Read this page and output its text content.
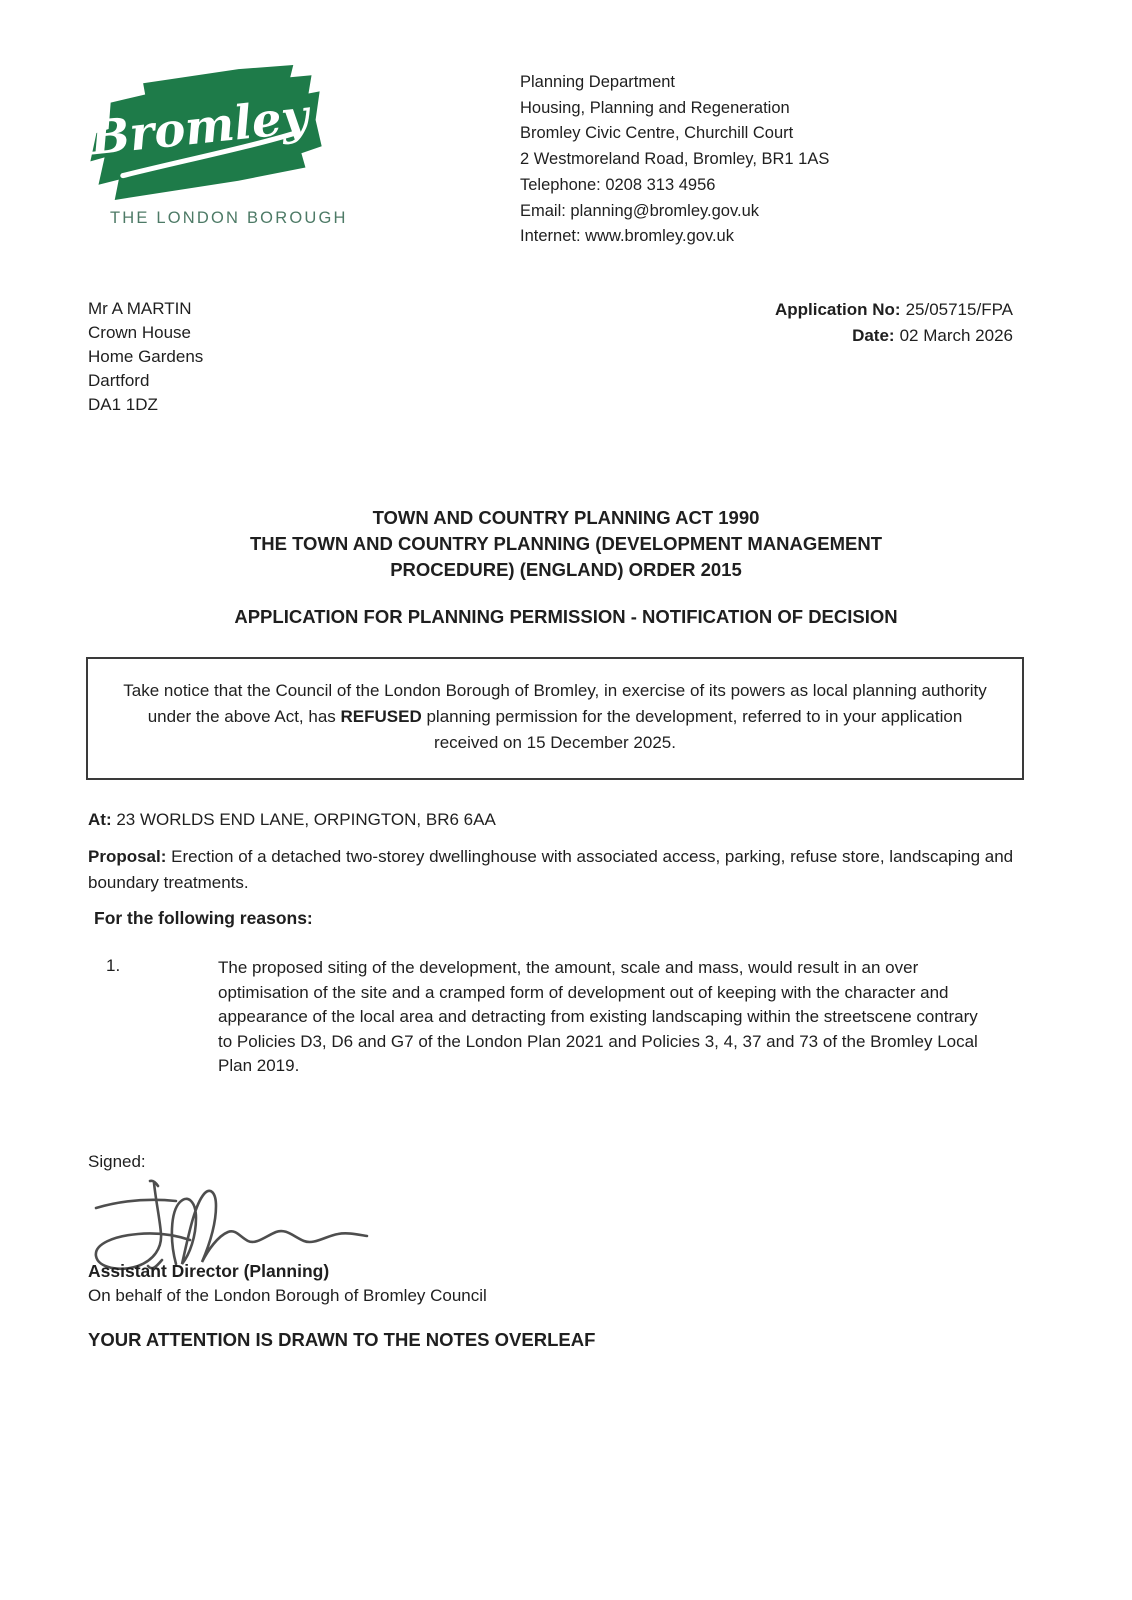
Bromley
THE LONDON BOROUGH
Planning Department
Housing, Planning and Regeneration
Bromley Civic Centre, Churchill Court
2 Westmoreland Road, Bromley, BR1 1AS
Telephone: 0208 313 4956
Email: planning@bromley.gov.uk
Internet: www.bromley.gov.uk
Mr A MARTIN
Crown House
Home Gardens
Dartford
DA1 1DZ
Application No: 25/05715/FPA
Date: 02 March 2026
TOWN AND COUNTRY PLANNING ACT 1990
THE TOWN AND COUNTRY PLANNING (DEVELOPMENT MANAGEMENT
PROCEDURE) (ENGLAND) ORDER 2015
APPLICATION FOR PLANNING PERMISSION - NOTIFICATION OF DECISION
Take notice that the Council of the London Borough of Bromley, in exercise of its powers as local planning authority under the above Act, has REFUSED planning permission for the development, referred to in your application received on 15 December 2025.
At: 23 WORLDS END LANE, ORPINGTON, BR6 6AA
Proposal: Erection of a detached two-storey dwellinghouse with associated access, parking, refuse store, landscaping and boundary treatments.
For the following reasons:
1.	The proposed siting of the development, the amount, scale and mass, would result in an over optimisation of the site and a cramped form of development out of keeping with the character and appearance of the local area and detracting from existing landscaping within the streetscene contrary to Policies D3, D6 and G7 of the London Plan 2021 and Policies 3, 4, 37 and 73 of the Bromley Local Plan 2019.
Signed:
Assistant Director (Planning)
On behalf of the London Borough of Bromley Council
YOUR ATTENTION IS DRAWN TO THE NOTES OVERLEAF
